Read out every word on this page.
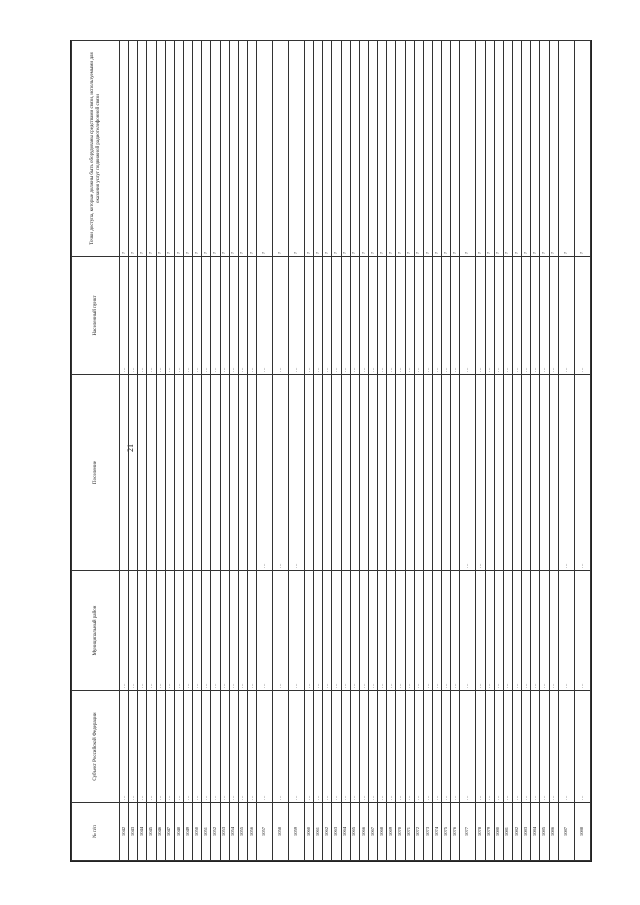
21
№ п/п	Субъект Российской Федерации	Муниципальный район	Поселение	Населенный пункт	Точки доступа, которые должны быть оборудованы средствами связи, используемыми для оказания услуг подвижной радиотелефонной связи
1042	…	…		…	?
1043	…	…		…	?
1044	…	…		…	?
1045	…	…		…	?
1046	…	…		…	?
1047	…	…		…	?
1048	…	…		…	?
1049	…	…		…	?
1050	…	…		…	?
1051	…	…		…	?
1052	…	…		…	?
1053	…	…		…	?
1054	…	…		…	?
1055	…	…		…	?
1056	…	…		…	?
1057	…	…	…	…	?
1058	…	…	…	…	?
1059	…	…	…	…	?
1060	…	…		…	?
1061	…	…		…	?
1062	…	…		…	?
1063	…	…		…	?
1064	…	…		…	?
1065	…	…		…	?
1066	…	…		…	?
1067	…	…		…	?
1068	…	…		…	?
1069	…	…		…	?
1070	…	…		…	?
1071	…	…		…	?
1072	…	…		…	?
1073	…	…		…	?
1074	…	…		…	?
1075	…	…		…	?
1076	…	…		…	?
1077	…	…	…	…	?
1078	…	…	…	…	?
1079	…	…		…	?
1080	…	…		…	?
1081	…	…		…	?
1082	…	…		…	?
1083	…	…		…	?
1084	…	…		…	?
1085	…	…		…	?
1086	…	…		…	?
1087	…	…	…	…	?
1088	…	…	…	…	?
